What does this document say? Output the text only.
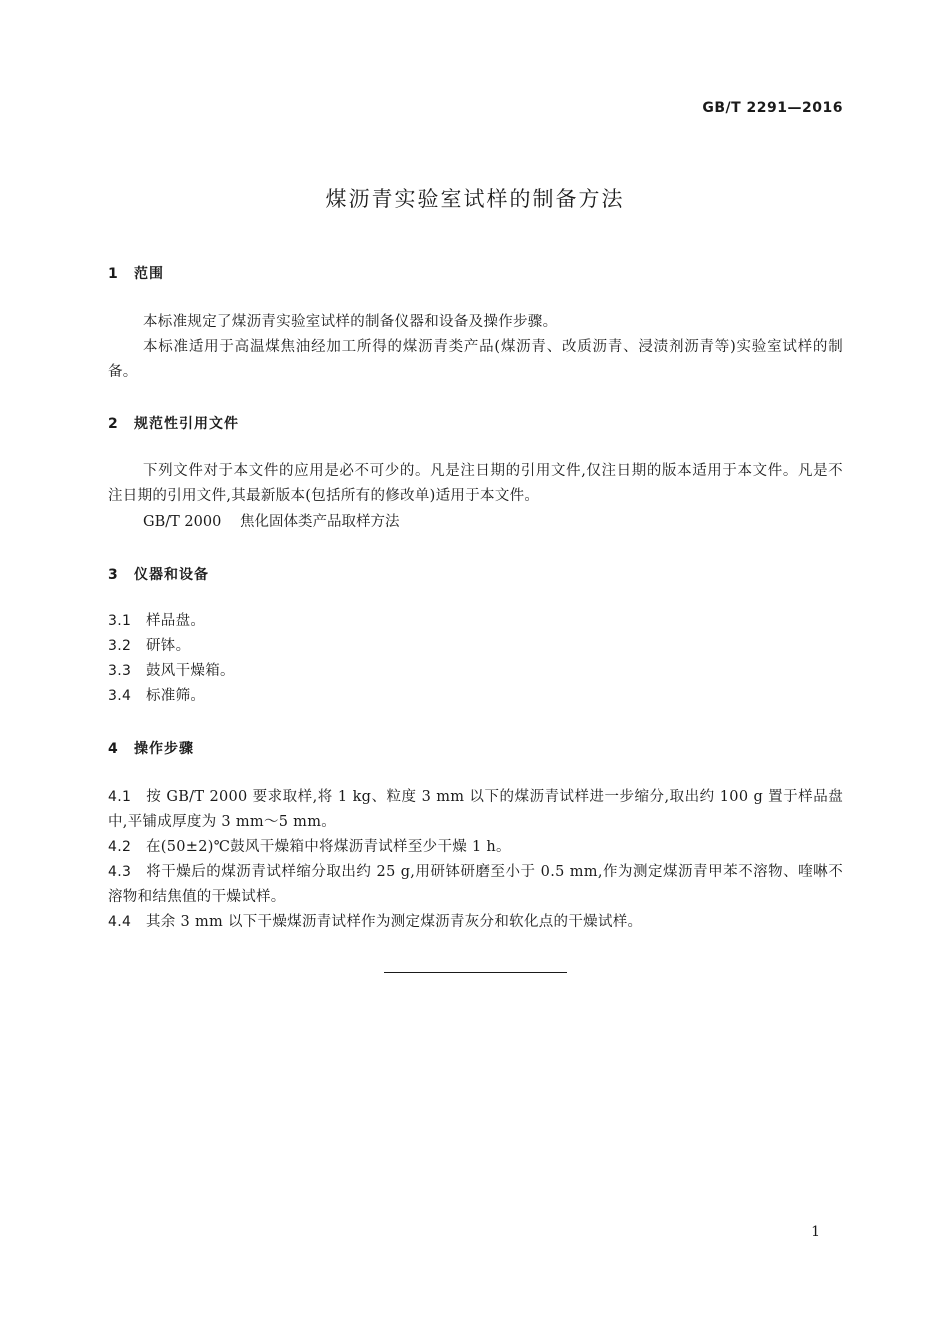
GB/T 2291—2016
煤沥青实验室试样的制备方法
1 范围
本标准规定了煤沥青实验室试样的制备仪器和设备及操作步骤。
本标准适用于高温煤焦油经加工所得的煤沥青类产品(煤沥青、改质沥青、浸渍剂沥青等)实验室试样的制备。
2 规范性引用文件
下列文件对于本文件的应用是必不可少的。凡是注日期的引用文件,仅注日期的版本适用于本文件。凡是不注日期的引用文件,其最新版本(包括所有的修改单)适用于本文件。
GB/T 2000 焦化固体类产品取样方法
3 仪器和设备
3.1 样品盘。
3.2 研钵。
3.3 鼓风干燥箱。
3.4 标准筛。
4 操作步骤
4.1 按 GB/T 2000 要求取样,将 1 kg、粒度 3 mm 以下的煤沥青试样进一步缩分,取出约 100 g 置于样品盘中,平铺成厚度为 3 mm～5 mm。
4.2 在(50±2)℃鼓风干燥箱中将煤沥青试样至少干燥 1 h。
4.3 将干燥后的煤沥青试样缩分取出约 25 g,用研钵研磨至小于 0.5 mm,作为测定煤沥青甲苯不溶物、喹啉不溶物和结焦值的干燥试样。
4.4 其余 3 mm 以下干燥煤沥青试样作为测定煤沥青灰分和软化点的干燥试样。
1
